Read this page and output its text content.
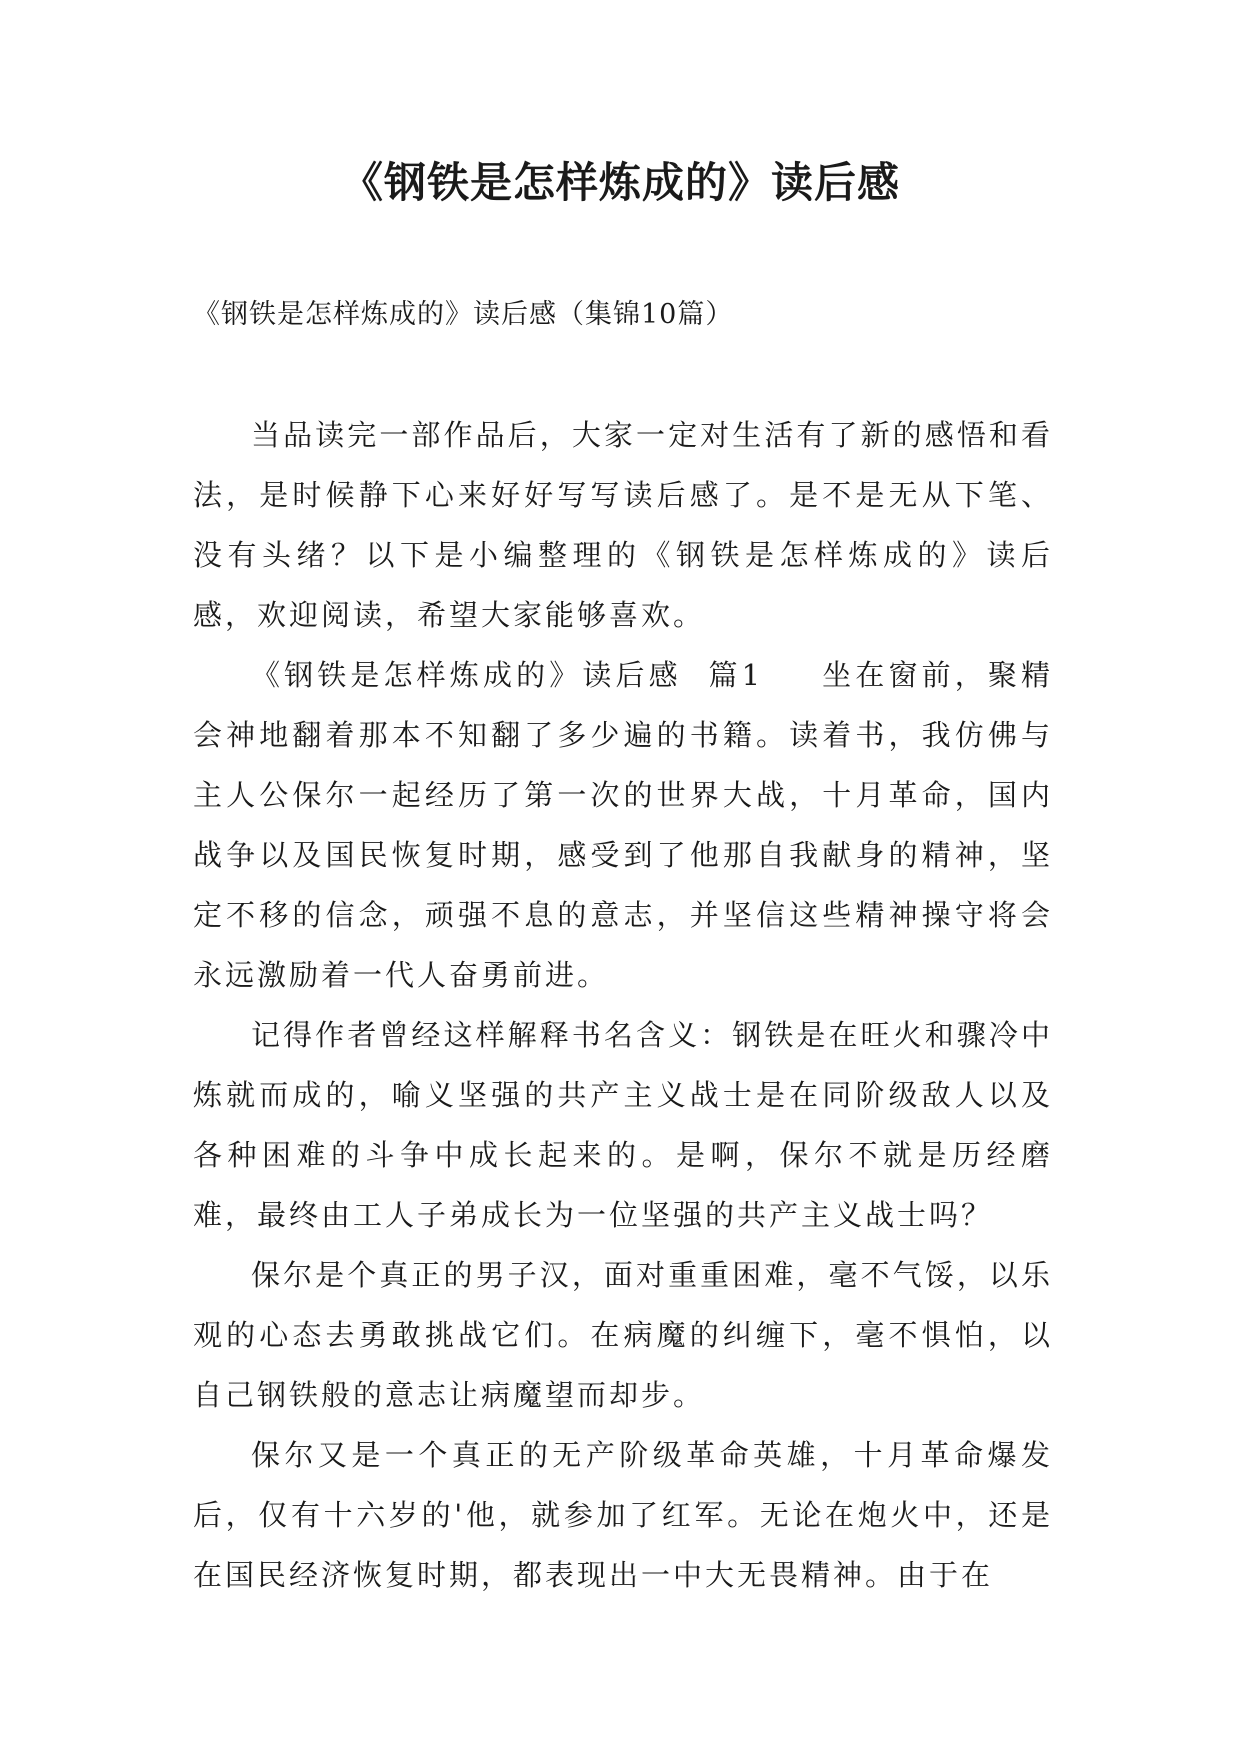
《钢铁是怎样炼成的》读后感

《钢铁是怎样炼成的》读后感（集锦10篇）

当品读完一部作品后，大家一定对生活有了新的感悟和看法，是时候静下心来好好写写读后感了。是不是无从下笔、没有头绪？以下是小编整理的《钢铁是怎样炼成的》读后感，欢迎阅读，希望大家能够喜欢。

《钢铁是怎样炼成的》读后感  篇1 坐在窗前，聚精会神地翻着那本不知翻了多少遍的书籍。读着书，我仿佛与主人公保尔一起经历了第一次的世界大战，十月革命，国内战争以及国民恢复时期，感受到了他那自我献身的精神，坚定不移的信念，顽强不息的意志，并坚信这些精神操守将会永远激励着一代人奋勇前进。

记得作者曾经这样解释书名含义：钢铁是在旺火和骤冷中炼就而成的，喻义坚强的共产主义战士是在同阶级敌人以及各种困难的斗争中成长起来的。是啊，保尔不就是历经磨难，最终由工人子弟成长为一位坚强的共产主义战士吗？

保尔是个真正的男子汉，面对重重困难，毫不气馁，以乐观的心态去勇敢挑战它们。在病魔的纠缠下，毫不惧怕，以自己钢铁般的意志让病魔望而却步。

保尔又是一个真正的无产阶级革命英雄，十月革命爆发后，仅有十六岁的'他，就参加了红军。无论在炮火中，还是在国民经济恢复时期，都表现出一中大无畏精神。由于在
